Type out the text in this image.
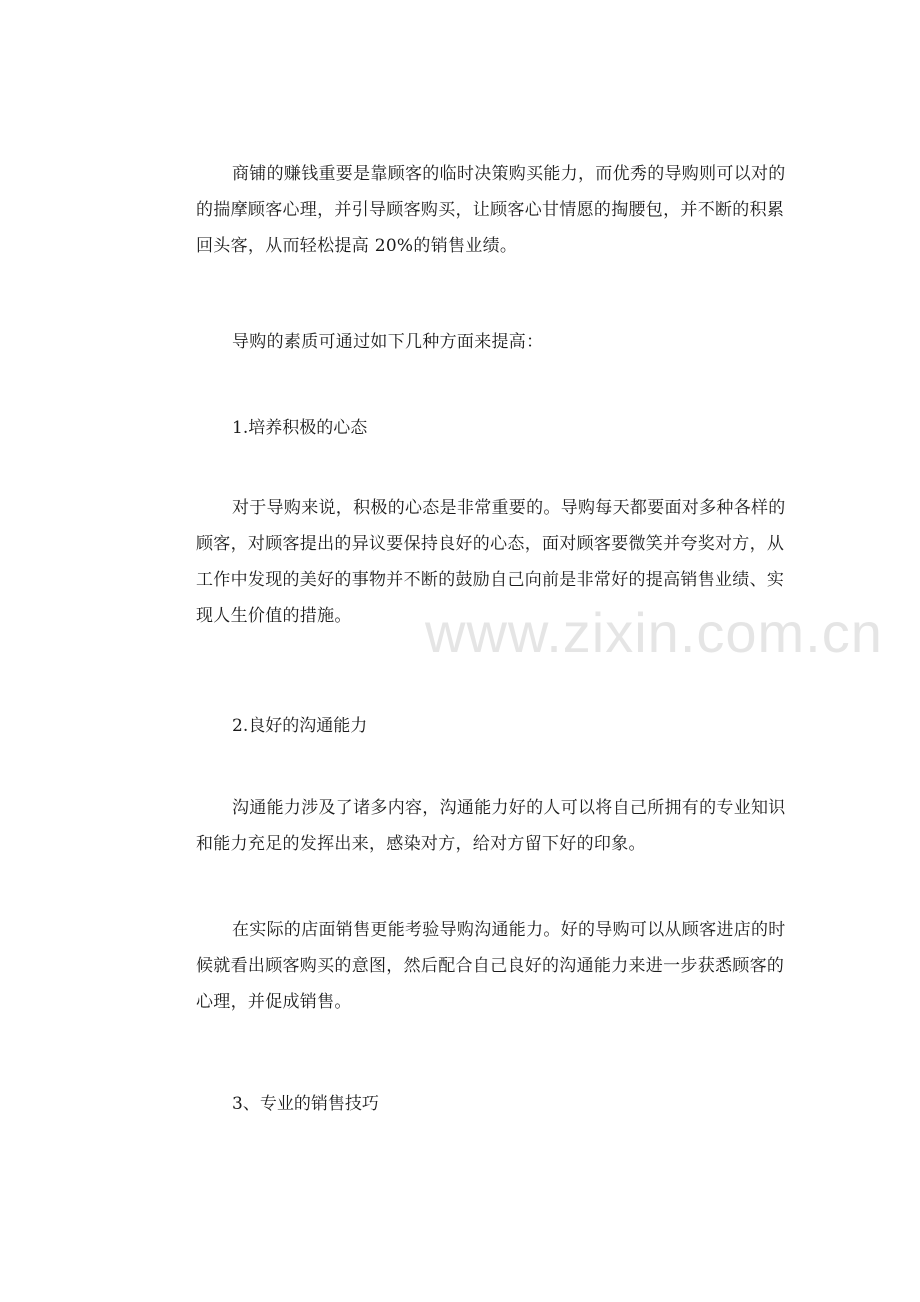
商铺的赚钱重要是靠顾客的临时决策购买能力，而优秀的导购则可以对的的揣摩顾客心理，并引导顾客购买，让顾客心甘情愿的掏腰包，并不断的积累回头客，从而轻松提高 20%的销售业绩。

导购的素质可通过如下几种方面来提高：

1.培养积极的心态

对于导购来说，积极的心态是非常重要的。导购每天都要面对多种各样的顾客，对顾客提出的异议要保持良好的心态，面对顾客要微笑并夸奖对方，从工作中发现的美好的事物并不断的鼓励自己向前是非常好的提高销售业绩、实现人生价值的措施。

2.良好的沟通能力

沟通能力涉及了诸多内容，沟通能力好的人可以将自己所拥有的专业知识和能力充足的发挥出来，感染对方，给对方留下好的印象。

在实际的店面销售更能考验导购沟通能力。好的导购可以从顾客进店的时候就看出顾客购买的意图，然后配合自己良好的沟通能力来进一步获悉顾客的心理，并促成销售。

3、专业的销售技巧

www.zixin.com.cn
